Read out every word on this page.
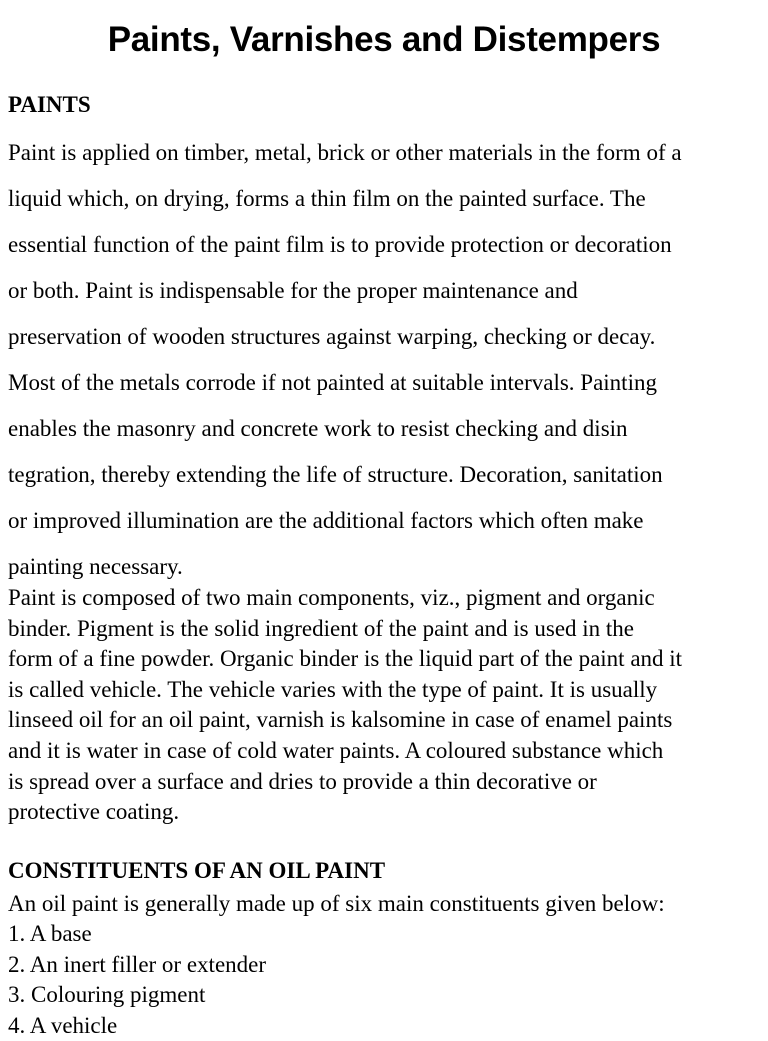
Paints, Varnishes and Distempers
PAINTS
Paint is applied on timber, metal, brick or other materials in the form of a
liquid which, on drying, forms a thin film on the painted surface. The
essential function of the paint film is to provide protection or decoration
or both. Paint is indispensable for the proper maintenance and
preservation of wooden structures against warping, checking or decay.
Most of the metals corrode if not painted at suitable intervals. Painting
enables the masonry and concrete work to resist checking and disin
tegration, thereby extending the life of structure. Decoration, sanitation
or improved illumination are the additional factors which often make
painting necessary.
Paint is composed of two main components, viz., pigment and organic
binder. Pigment is the solid ingredient of the paint and is used in the
form of a fine powder. Organic binder is the liquid part of the paint and it
is called vehicle. The vehicle varies with the type of paint. It is usually
linseed oil for an oil paint, varnish is kalsomine in case of enamel paints
and it is water in case of cold water paints. A coloured substance which
is spread over a surface and dries to provide a thin decorative or
protective coating.
CONSTITUENTS OF AN OIL PAINT

An oil paint is generally made up of six main constituents given below:

1. A base
2. An inert filler or extender
3. Colouring pigment
4. A vehicle
